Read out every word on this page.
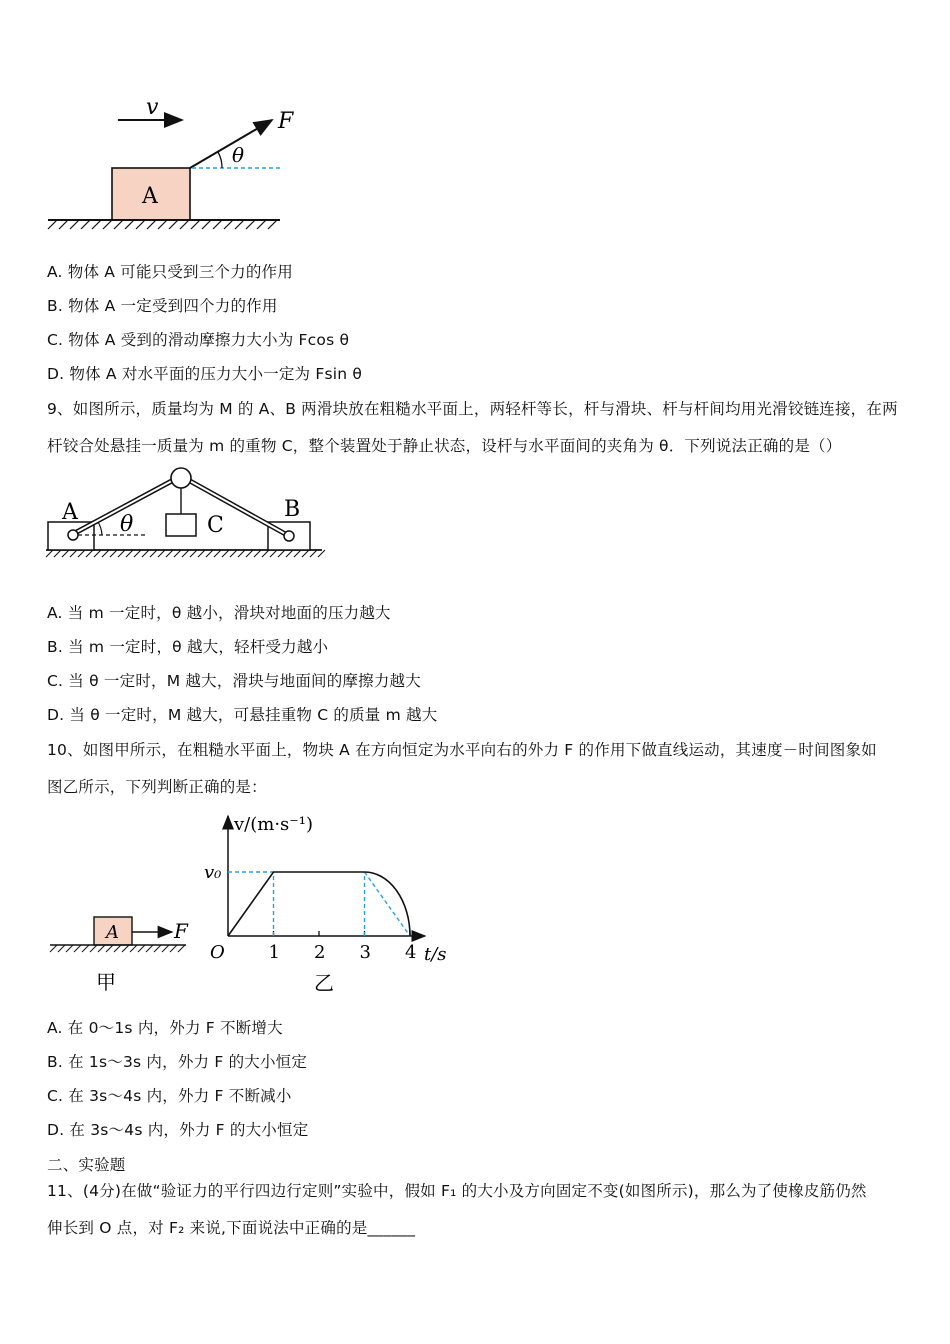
v
A
F
θ
A. 物体 A 可能只受到三个力的作用
B. 物体 A 一定受到四个力的作用
C. 物体 A 受到的滑动摩擦力大小为 Fcos θ
D. 物体 A 对水平面的压力大小一定为 Fsin θ
9、如图所示，质量均为 M 的 A、B 两滑块放在粗糙水平面上，两轻杆等长，杆与滑块、杆与杆间均用光滑铰链连接，在两
杆铰合处悬挂一质量为 m 的重物 C，整个装置处于静止状态，设杆与水平面间的夹角为 θ．下列说法正确的是（）
C
A	B
θ
A. 当 m 一定时，θ 越小，滑块对地面的压力越大
B. 当 m 一定时，θ 越大，轻杆受力越小
C. 当 θ 一定时，M 越大，滑块与地面间的摩擦力越大
D. 当 θ 一定时，M 越大，可悬挂重物 C 的质量 m 越大
10、如图甲所示，在粗糙水平面上，物块 A 在方向恒定为水平向右的外力 F 的作用下做直线运动，其速度－时间图象如
图乙所示，下列判断正确的是：
A	F
甲
v/(m·s⁻¹)
v₀
O	t/s
1 2 3 4
乙
A. 在 0～1s 内，外力 F 不断增大
B. 在 1s～3s 内，外力 F 的大小恒定
C. 在 3s～4s 内，外力 F 不断减小
D. 在 3s～4s 内，外力 F 的大小恒定
二、实验题
11、(4分)在做“验证力的平行四边行定则”实验中，假如 F₁ 的大小及方向固定不变(如图所示)，那么为了使橡皮筋仍然
伸长到 O 点，对 F₂ 来说,下面说法中正确的是______
